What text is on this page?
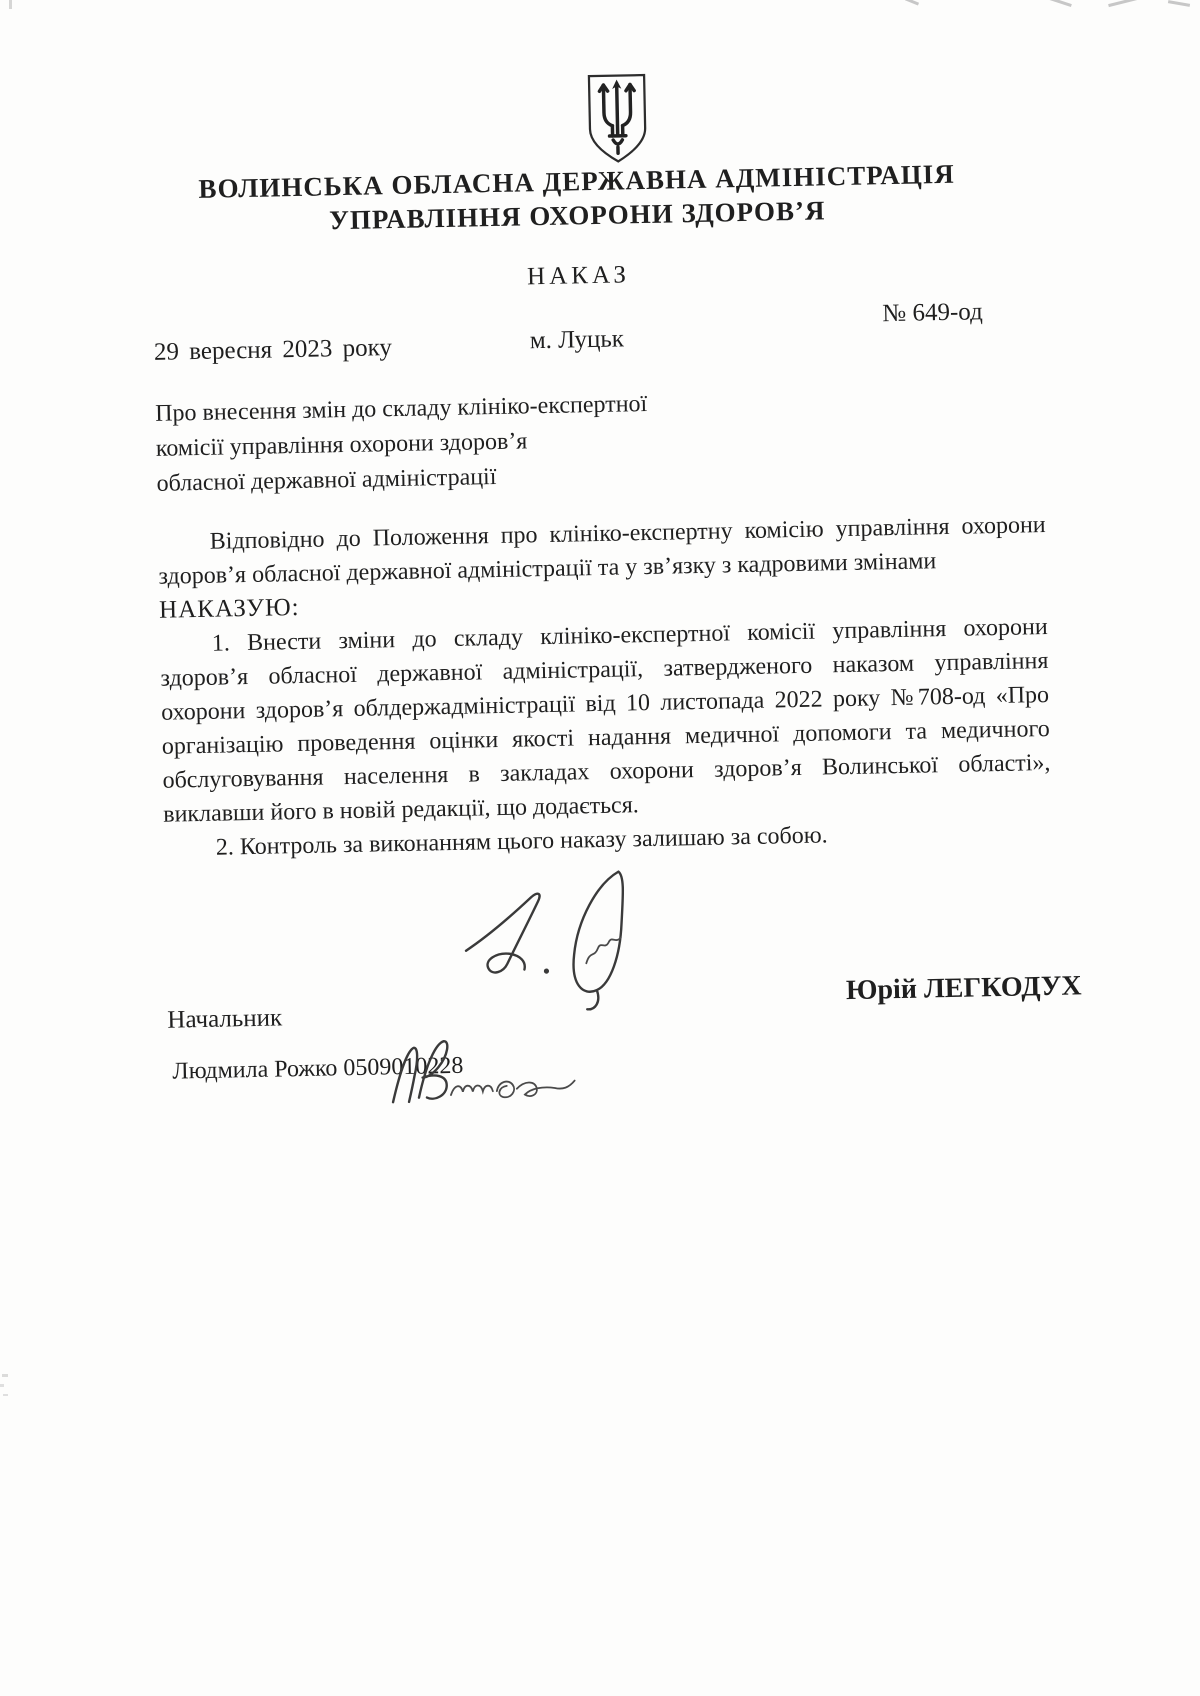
ВОЛИНСЬКА ОБЛАСНА ДЕРЖАВНА АДМІНІСТРАЦІЯ
УПРАВЛІННЯ ОХОРОНИ ЗДОРОВ’Я
НАКАЗ
№ 649-од
29 вересня 2023 року	м. Луцьк
Про внесення змін до складу клініко-експертної
комісії управління охорони здоров’я
обласної державної адміністрації

Відповідно до Положення про клініко-експертну комісію управління охорони здоров’я обласної державної адміністрації та у зв’язку з кадровими змінами

НАКАЗУЮ:

1. Внести зміни до складу клініко-експертної комісії управління охорони здоров’я обласної державної адміністрації, затвердженого наказом управління охорони здоров’я облдержадміністрації від 10 листопада 2022 року №708-од «Про організацію проведення оцінки якості надання медичної допомоги та медичного обслуговування населення в закладах охорони здоров’я Волинської області», виклавши його в новій редакції, що додається.

2. Контроль за виконанням цього наказу залишаю за собою.

Начальник
Юрій ЛЕГКОДУХ
Людмила Рожко 0509010228
